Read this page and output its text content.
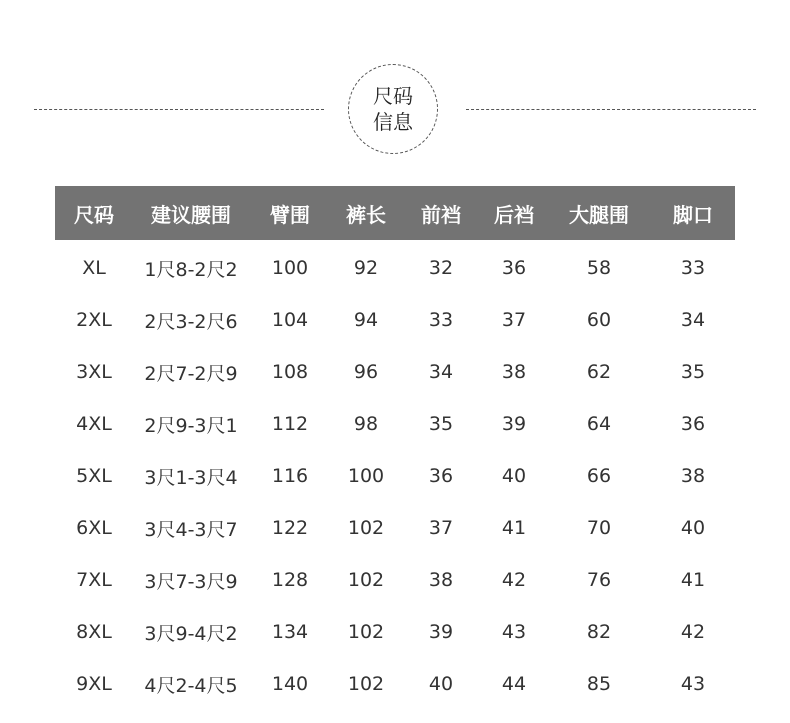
尺码
信息
尺码	建议腰围	臂围	裤长	前裆	后裆	大腿围	脚口
XL	1尺8-2尺2	100	92	32	36	58	33
2XL	2尺3-2尺6	104	94	33	37	60	34
3XL	2尺7-2尺9	108	96	34	38	62	35
4XL	2尺9-3尺1	112	98	35	39	64	36
5XL	3尺1-3尺4	116	100	36	40	66	38
6XL	3尺4-3尺7	122	102	37	41	70	40
7XL	3尺7-3尺9	128	102	38	42	76	41
8XL	3尺9-4尺2	134	102	39	43	82	42
9XL	4尺2-4尺5	140	102	40	44	85	43
